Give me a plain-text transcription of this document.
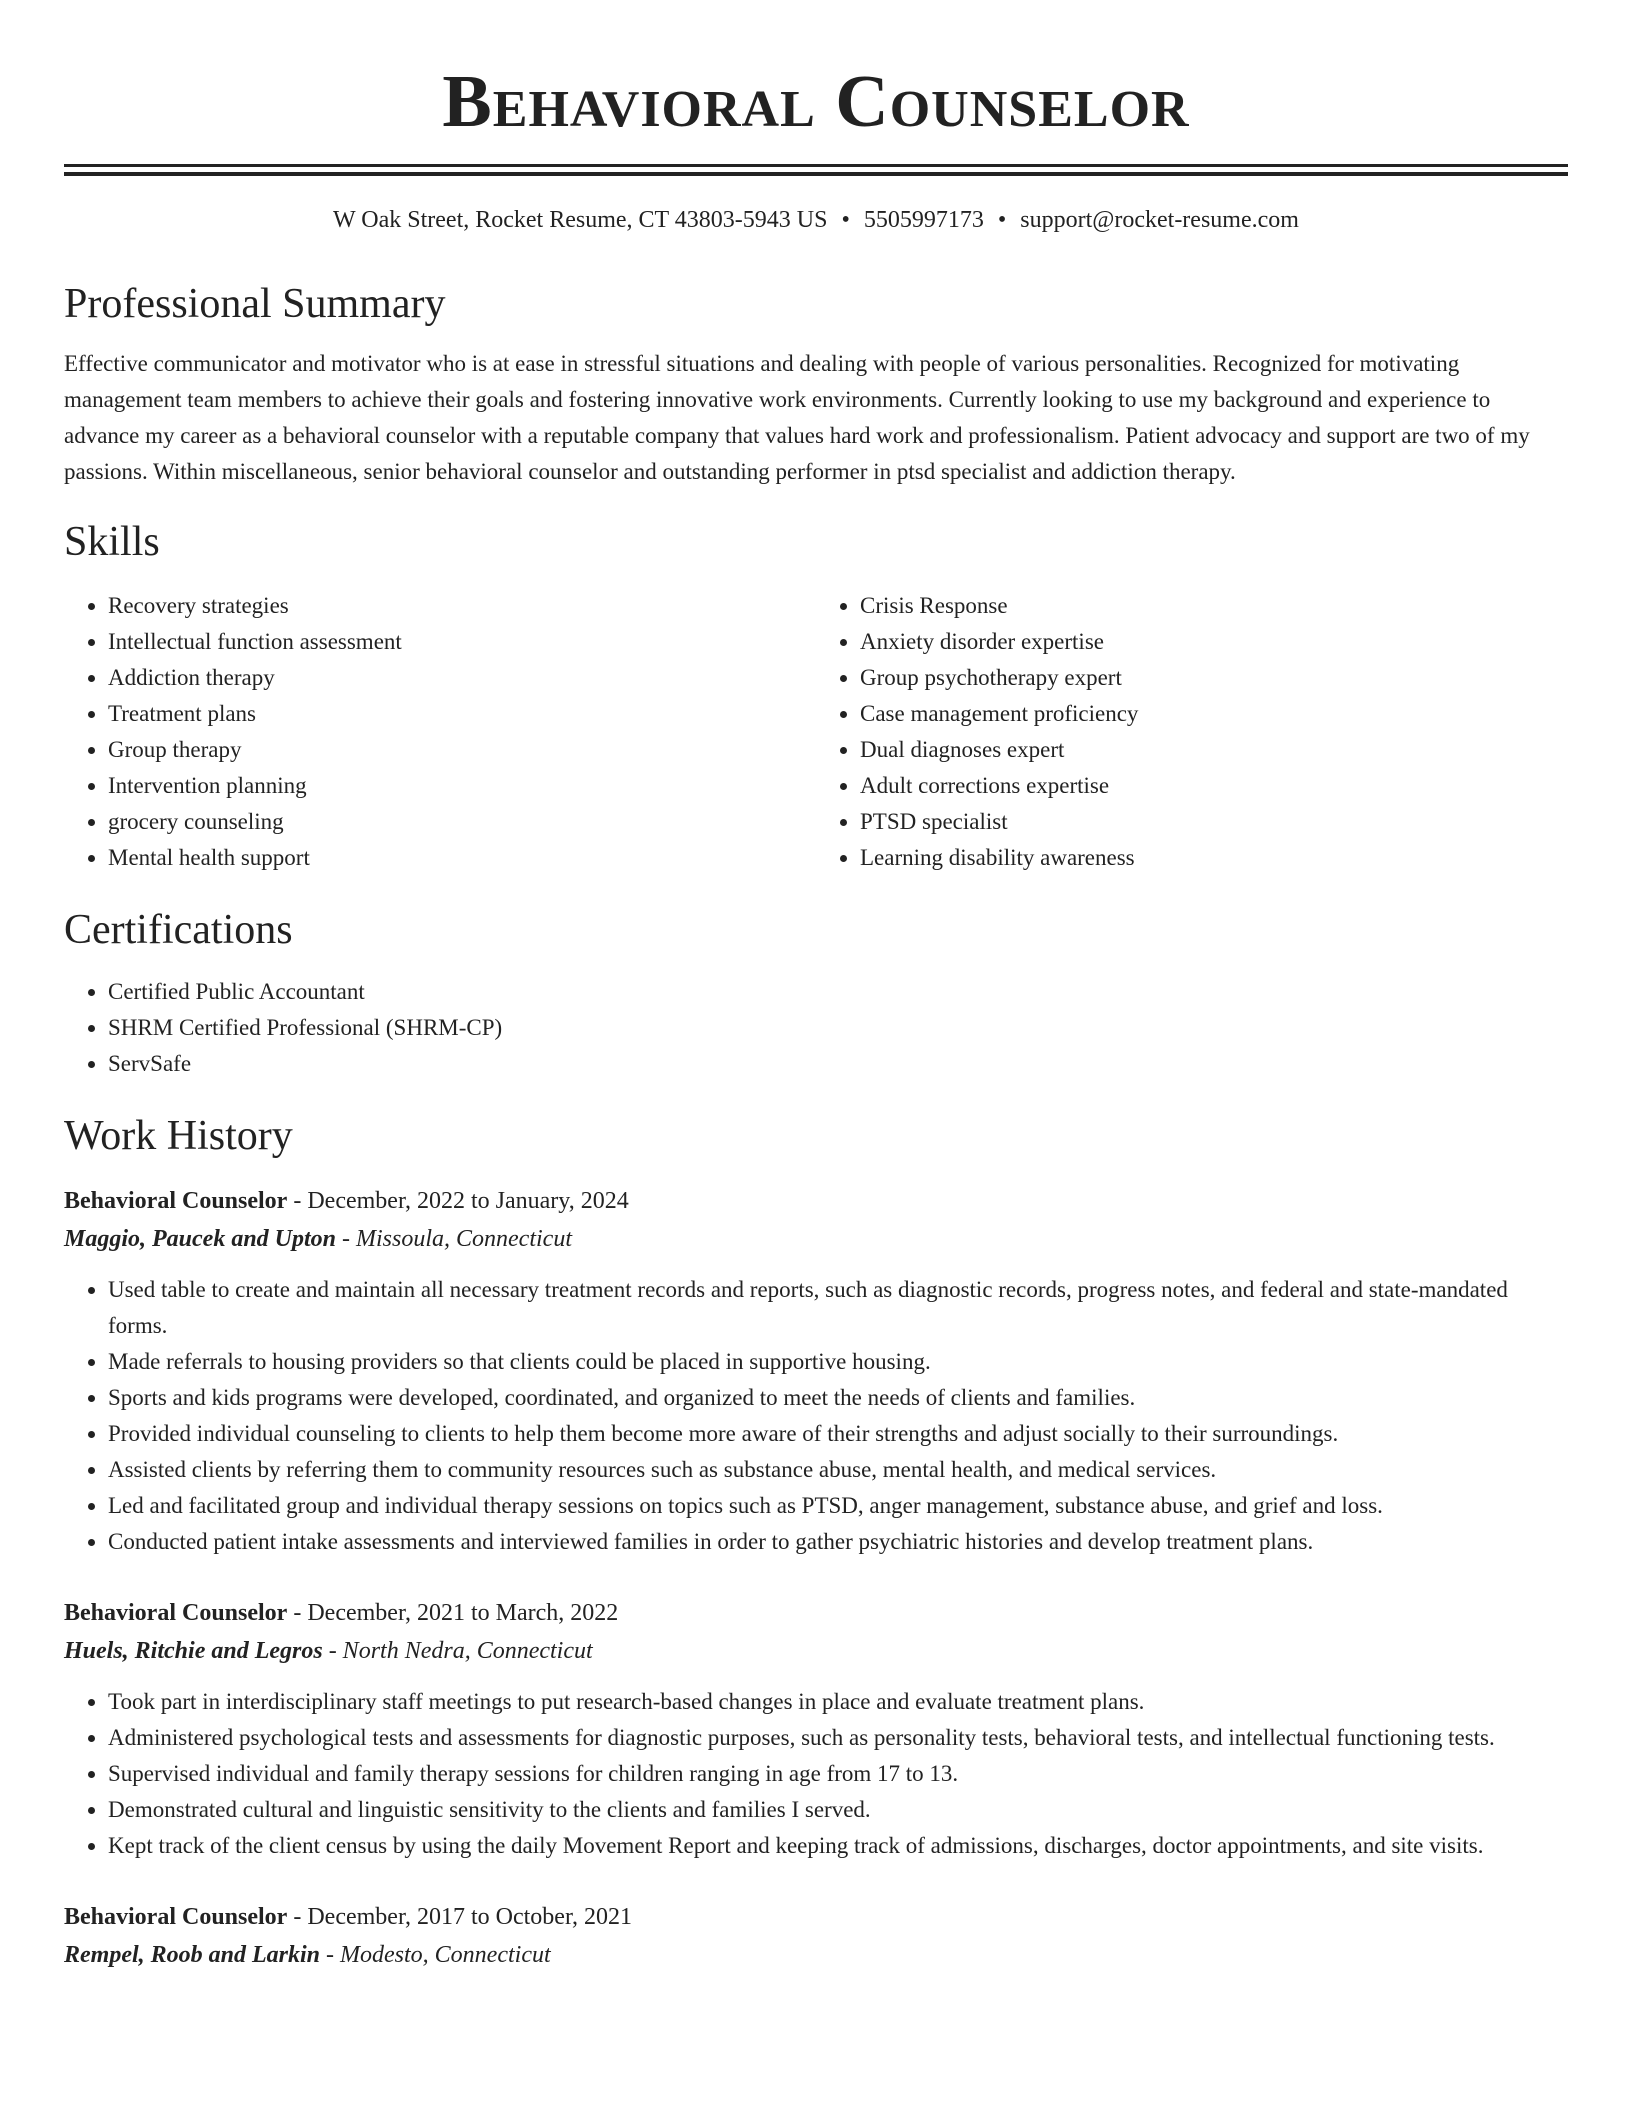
Behavioral Counselor
W Oak Street, Rocket Resume, CT 43803-5943 US • 5505997173 • support@rocket-resume.com
Professional Summary

Effective communicator and motivator who is at ease in stressful situations and dealing with people of various personalities. Recognized for motivating management team members to achieve their goals and fostering innovative work environments. Currently looking to use my background and experience to advance my career as a behavioral counselor with a reputable company that values hard work and professionalism. Patient advocacy and support are two of my passions. Within miscellaneous, senior behavioral counselor and outstanding performer in ptsd specialist and addiction therapy.

Skills
• Recovery strategies
• Intellectual function assessment
• Addiction therapy
• Treatment plans
• Group therapy
• Intervention planning
• grocery counseling
• Mental health support
• Crisis Response
• Anxiety disorder expertise
• Group psychotherapy expert
• Case management proficiency
• Dual diagnoses expert
• Adult corrections expertise
• PTSD specialist
• Learning disability awareness
Certifications
• Certified Public Accountant
• SHRM Certified Professional (SHRM-CP)
• ServSafe
Work History
Behavioral Counselor - December, 2022 to January, 2024
Maggio, Paucek and Upton - Missoula, Connecticut
• Used table to create and maintain all necessary treatment records and reports, such as diagnostic records, progress notes, and federal and state-mandated forms.
• Made referrals to housing providers so that clients could be placed in supportive housing.
• Sports and kids programs were developed, coordinated, and organized to meet the needs of clients and families.
• Provided individual counseling to clients to help them become more aware of their strengths and adjust socially to their surroundings.
• Assisted clients by referring them to community resources such as substance abuse, mental health, and medical services.
• Led and facilitated group and individual therapy sessions on topics such as PTSD, anger management, substance abuse, and grief and loss.
• Conducted patient intake assessments and interviewed families in order to gather psychiatric histories and develop treatment plans.
Behavioral Counselor - December, 2021 to March, 2022
Huels, Ritchie and Legros - North Nedra, Connecticut
• Took part in interdisciplinary staff meetings to put research-based changes in place and evaluate treatment plans.
• Administered psychological tests and assessments for diagnostic purposes, such as personality tests, behavioral tests, and intellectual functioning tests.
• Supervised individual and family therapy sessions for children ranging in age from 17 to 13.
• Demonstrated cultural and linguistic sensitivity to the clients and families I served.
• Kept track of the client census by using the daily Movement Report and keeping track of admissions, discharges, doctor appointments, and site visits.
Behavioral Counselor - December, 2017 to October, 2021
Rempel, Roob and Larkin - Modesto, Connecticut
